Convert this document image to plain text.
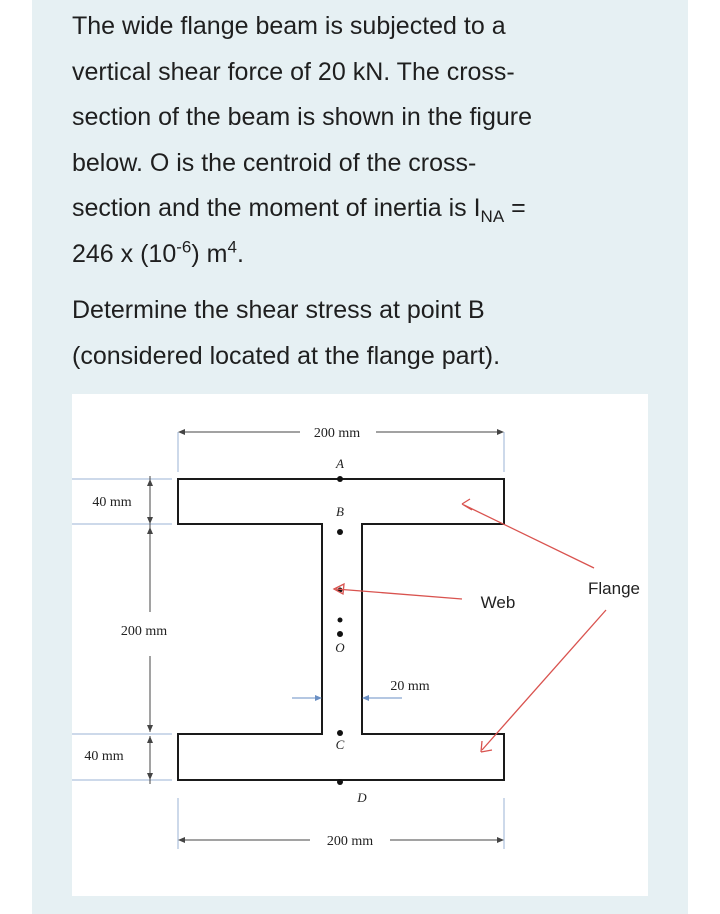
The wide flange beam is subjected to a
vertical shear force of 20 kN. The cross-
section of the beam is shown in the figure
below. O is the centroid of the cross-
section and the moment of inertia is $I_{NA}$ =
246 x $(10^{-6})$ $m^4$.
Determine the shear stress at point B
(considered located at the flange part).
200 mm
200 mm
40 mm
200 mm
40 mm
20 mm
A
B
O
C
D
Web
Flange
